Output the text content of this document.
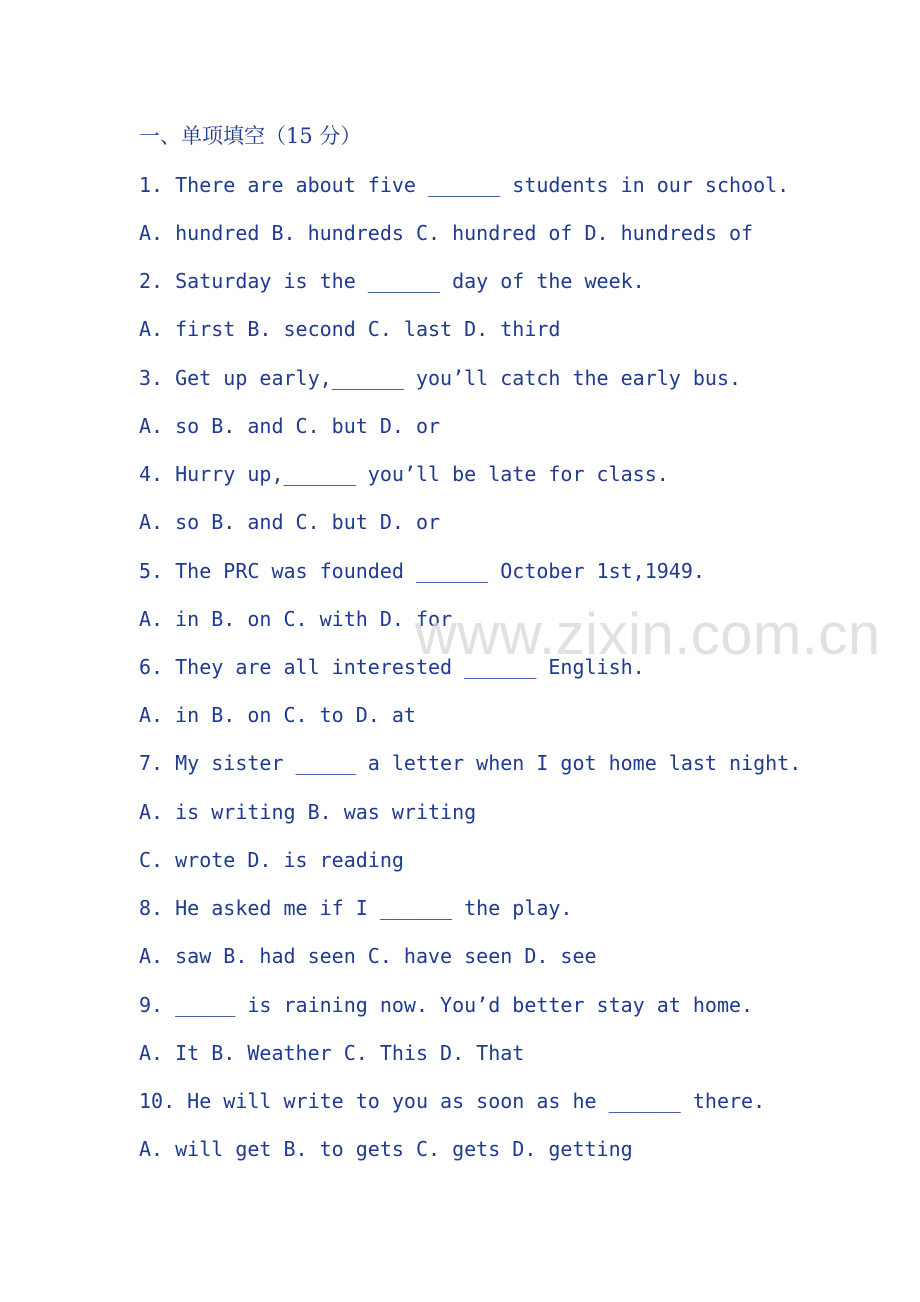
一、单项填空（15 分）
1. There are about five ______ students in our school.
A. hundred B. hundreds C. hundred of D. hundreds of
2. Saturday is the ______ day of the week.
A. first B. second C. last D. third
3. Get up early,______ you’ll catch the early bus.
A. so B. and C. but D. or
4. Hurry up,______ you’ll be late for class.
A. so B. and C. but D. or
5. The PRC was founded ______ October 1st,1949.
A. in B. on C. with D. for
6. They are all interested ______ English.
A. in B. on C. to D. at
7. My sister _____ a letter when I got home last night.
A. is writing B. was writing
C. wrote D. is reading
8. He asked me if I ______ the play.
A. saw B. had seen C. have seen D. see
9. _____ is raining now. You’d better stay at home.
A. It B. Weather C. This D. That
10. He will write to you as soon as he ______ there.
A. will get B. to gets C. gets D. getting
www.zixin.com.cn
